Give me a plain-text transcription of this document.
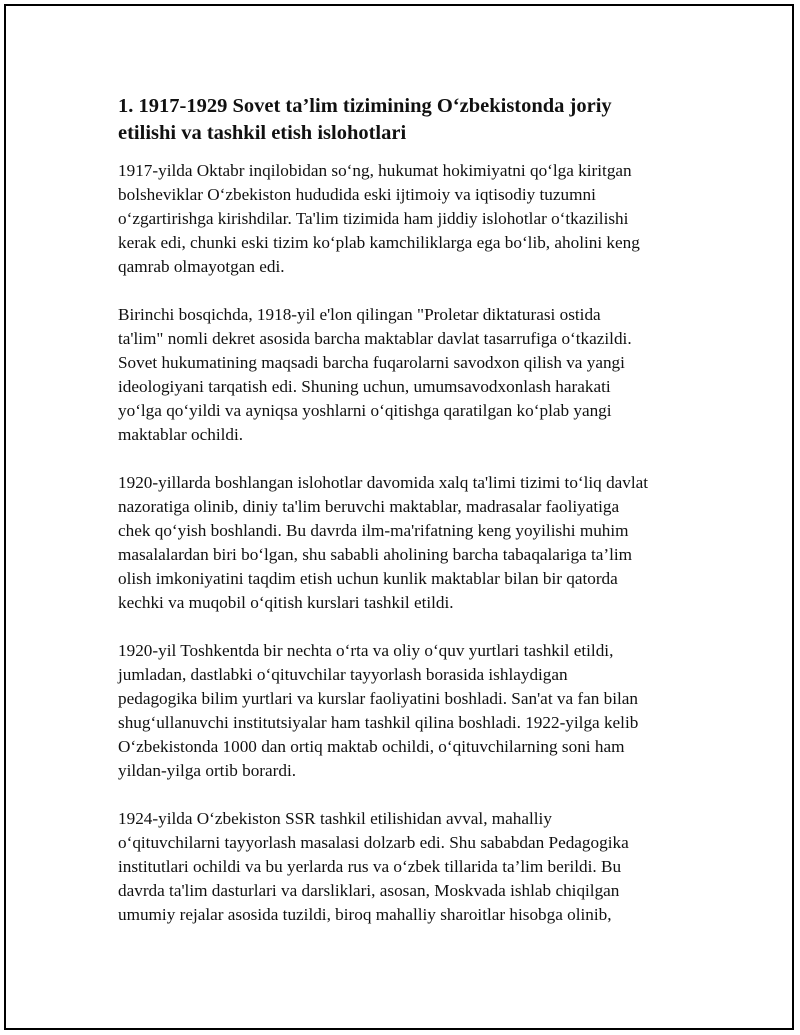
1. 1917-1929 Sovet ta’lim tizimining O‘zbekistonda joriy
etilishi va tashkil etish islohotlari

1917-yilda Oktabr inqilobidan so‘ng, hukumat hokimiyatni qo‘lga kiritgan
bolsheviklar O‘zbekiston hududida eski ijtimoiy va iqtisodiy tuzumni
o‘zgartirishga kirishdilar. Ta'lim tizimida ham jiddiy islohotlar o‘tkazilishi
kerak edi, chunki eski tizim ko‘plab kamchiliklarga ega bo‘lib, aholini keng
qamrab olmayotgan edi.

Birinchi bosqichda, 1918-yil e'lon qilingan "Proletar diktaturasi ostida
ta'lim" nomli dekret asosida barcha maktablar davlat tasarrufiga o‘tkazildi.
Sovet hukumatining maqsadi barcha fuqarolarni savodxon qilish va yangi
ideologiyani tarqatish edi. Shuning uchun, umumsavodxonlash harakati
yo‘lga qo‘yildi va ayniqsa yoshlarni o‘qitishga qaratilgan ko‘plab yangi
maktablar ochildi.

1920-yillarda boshlangan islohotlar davomida xalq ta'limi tizimi to‘liq davlat
nazoratiga olinib, diniy ta'lim beruvchi maktablar, madrasalar faoliyatiga
chek qo‘yish boshlandi. Bu davrda ilm-ma'rifatning keng yoyilishi muhim
masalalardan biri bo‘lgan, shu sababli aholining barcha tabaqalariga ta’lim
olish imkoniyatini taqdim etish uchun kunlik maktablar bilan bir qatorda
kechki va muqobil o‘qitish kurslari tashkil etildi.

1920-yil Toshkentda bir nechta o‘rta va oliy o‘quv yurtlari tashkil etildi,
jumladan, dastlabki o‘qituvchilar tayyorlash borasida ishlaydigan
pedagogika bilim yurtlari va kurslar faoliyatini boshladi. San'at va fan bilan
shug‘ullanuvchi institutsiyalar ham tashkil qilina boshladi. 1922-yilga kelib
O‘zbekistonda 1000 dan ortiq maktab ochildi, o‘qituvchilarning soni ham
yildan-yilga ortib borardi.

1924-yilda O‘zbekiston SSR tashkil etilishidan avval, mahalliy
o‘qituvchilarni tayyorlash masalasi dolzarb edi. Shu sababdan Pedagogika
institutlari ochildi va bu yerlarda rus va o‘zbek tillarida ta’lim berildi. Bu
davrda ta'lim dasturlari va darsliklari, asosan, Moskvada ishlab chiqilgan
umumiy rejalar asosida tuzildi, biroq mahalliy sharoitlar hisobga olinib,
